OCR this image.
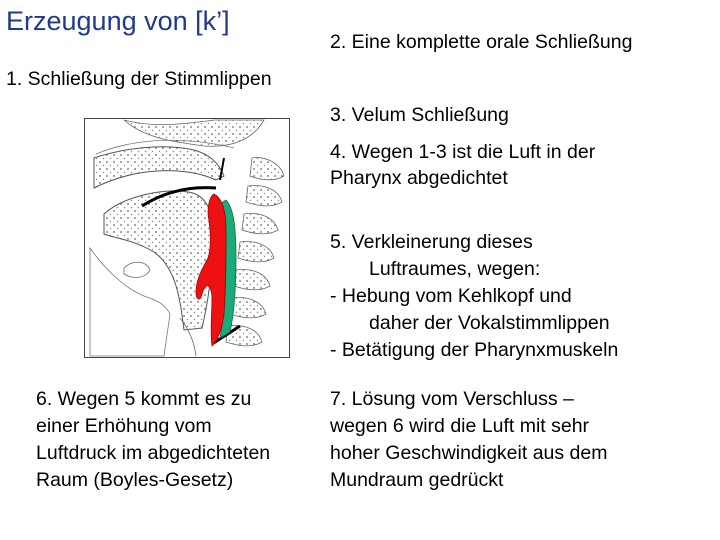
Erzeugung von [k’]
2. Eine komplette orale Schließung
1. Schließung der Stimmlippen
3. Velum Schließung
4. Wegen 1-3 ist die Luft in der
Pharynx abgedichtet
5. Verkleinerung dieses
Luftraumes, wegen:
- Hebung vom Kehlkopf und
daher der Vokalstimmlippen
- Betätigung der Pharynxmuskeln
6. Wegen 5 kommt es zu
einer Erhöhung vom
Luftdruck im abgedichteten
Raum (Boyles-Gesetz)
7. Lösung vom Verschluss –
wegen 6 wird die Luft mit sehr
hoher Geschwindigkeit aus dem
Mundraum gedrückt
